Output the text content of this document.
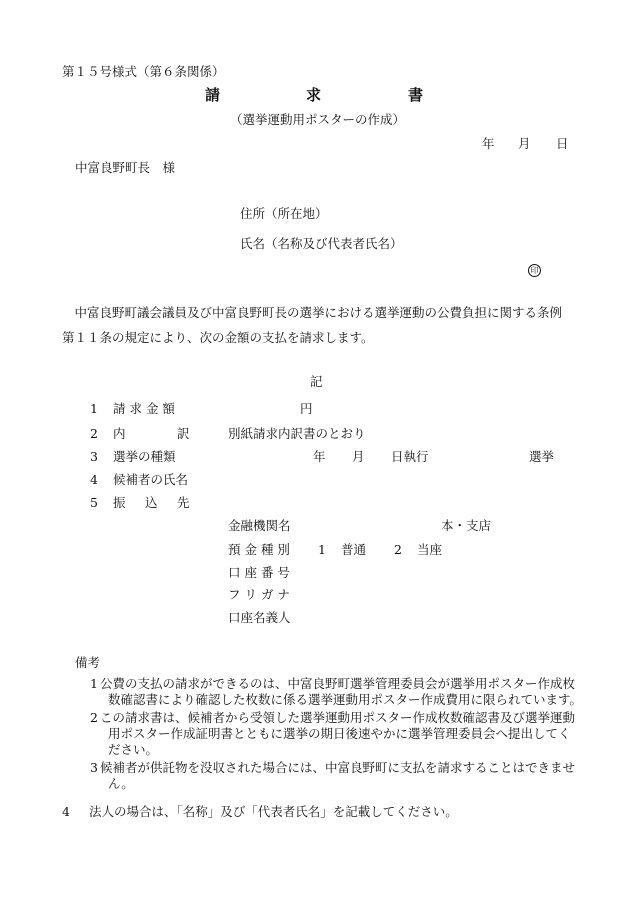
第１５号様式（第６条関係）
請	求	書
（選挙運動用ポスターの作成）
年 月 日
中富良野町長　様
住所（所在地）
氏名（名称及び代表者氏名）
印
　中富良野町議会議員及び中富良野町長の選挙における選挙運動の公費負担に関する条例第１１条の規定により、次の金額の支払を請求します。
記
1 請 求 金 額	円
2 内	訳	別紙請求内訳書のとおり
3 選挙の種類	年 月 日執行	選挙
4 候補者の氏名
5 振 込 先
金融機関名	本・支店
預 金 種 別 1 普通 2 当座
口 座 番 号
フ リ ガ ナ
口座名義人
備考
1 公費の支払の請求ができるのは、中富良野町選挙管理委員会が選挙用ポスター作成枚数確認書により確認した枚数に係る選挙運動用ポスター作成費用に限られています。
2 この請求書は、候補者から受領した選挙運動用ポスター作成枚数確認書及び選挙運動用ポスター作成証明書とともに選挙の期日後速やかに選挙管理委員会へ提出してください。
3 候補者が供託物を没収された場合には、中富良野町に支払を請求することはできません。
4 法人の場合は、「名称」及び「代表者氏名」を記載してください。
